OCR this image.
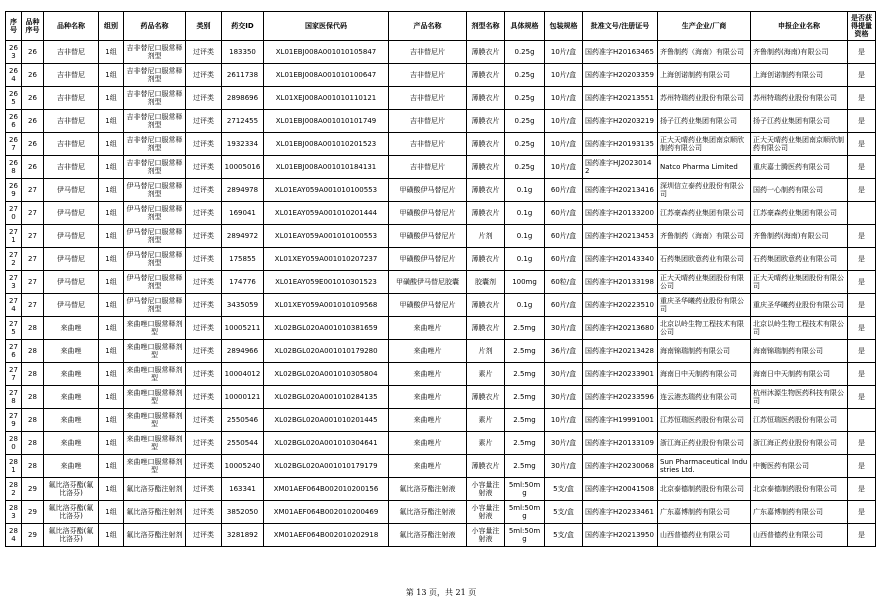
序号	品种序号	品种名称	组别	药品名称	类别	药交ID	国家医保代码	产品名称	剂型名称	具体规格	包装规格	批准文号/注册证号	生产企业/厂商	申报企业名称	是否获得提量资格
263	26	吉非替尼	1组	吉非替尼口服常释剂型	过评类	183350	XL01EBJ008A001010105847	吉非替尼片	薄膜衣片	0.25g	10片/盒	国药准字H20163465	齐鲁制药（海南）有限公司	齐鲁制药(海南)有限公司	是
264	26	吉非替尼	1组	吉非替尼口服常释剂型	过评类	2611738	XL01EBJ008A001010100647	吉非替尼片	薄膜衣片	0.25g	10片/盒	国药准字H20203359	上海创诺制药有限公司	上海创诺制药有限公司	是
265	26	吉非替尼	1组	吉非替尼口服常释剂型	过评类	2898696	XL01XEJ008A001010110121	吉非替尼片	薄膜衣片	0.25g	10片/盒	国药准字H20213551	苏州特瑞药业股份有限公司	苏州特瑞药业股份有限公司	是
266	26	吉非替尼	1组	吉非替尼口服常释剂型	过评类	2712455	XL01EBJ008A001010101749	吉非替尼片	薄膜衣片	0.25g	10片/盒	国药准字H20203219	扬子江药业集团有限公司	扬子江药业集团有限公司	是
267	26	吉非替尼	1组	吉非替尼口服常释剂型	过评类	1932334	XL01EBJ008A001010201523	吉非替尼片	薄膜衣片	0.25g	10片/盒	国药准字H20193135	正大天晴药业集团南京顺欣制药有限公司	正大天晴药业集团南京顺欣制药有限公司	是
268	26	吉非替尼	1组	吉非替尼口服常释剂型	过评类	10005016	XL01EBJ008A001010184131	吉非替尼片	薄膜衣片	0.25g	10片/盒	国药准字HJ20230142	Natco Pharma Limited	重庆嘉士腾医药有限公司	是
269	27	伊马替尼	1组	伊马替尼口服常释剂型	过评类	2894978	XL01EAY059A001010100553	甲磺酸伊马替尼片	薄膜衣片	0.1g	60片/盒	国药准字H20213416	深圳信立泰药业股份有限公司	国药一心制药有限公司	是
270	27	伊马替尼	1组	伊马替尼口服常释剂型	过评类	169041	XL01EAY059A001010201444	甲磺酸伊马替尼片	薄膜衣片	0.1g	60片/盒	国药准字H20133200	江苏豪森药业集团有限公司	江苏豪森药业集团有限公司	
271	27	伊马替尼	1组	伊马替尼口服常释剂型	过评类	2894972	XL01EAY059A001010100553	甲磺酸伊马替尼片	片剂	0.1g	60片/盒	国药准字H20213453	齐鲁制药（海南）有限公司	齐鲁制药(海南)有限公司	是
272	27	伊马替尼	1组	伊马替尼口服常释剂型	过评类	175855	XL01XEY059A001010207237	甲磺酸伊马替尼片	薄膜衣片	0.1g	60片/盒	国药准字H20143340	石药集团欧意药业有限公司	石药集团欧意药业有限公司	是
273	27	伊马替尼	1组	伊马替尼口服常释剂型	过评类	174776	XL01EAY059E001010301523	甲磺酸伊马替尼胶囊	胶囊剂	100mg	60粒/盒	国药准字H20133198	正大天晴药业集团股份有限公司	正大天晴药业集团股份有限公司	是
274	27	伊马替尼	1组	伊马替尼口服常释剂型	过评类	3435059	XL01XEY059A001010109568	甲磺酸伊马替尼片	薄膜衣片	0.1g	60片/盒	国药准字H20223510	重庆圣华曦药业股份有限公司	重庆圣华曦药业股份有限公司	是
275	28	来曲唑	1组	来曲唑口服常释剂型	过评类	10005211	XL02BGL020A001010381659	来曲唑片	薄膜衣片	2.5mg	30片/盒	国药准字H20213680	北京以岭生物工程技术有限公司	北京以岭生物工程技术有限公司	是
276	28	来曲唑	1组	来曲唑口服常释剂型	过评类	2894966	XL02BGL020A001010179280	来曲唑片	片剂	2.5mg	36片/盒	国药准字H20213428	海南锦瑞制药有限公司	海南锦瑞制药有限公司	是
277	28	来曲唑	1组	来曲唑口服常释剂型	过评类	10004012	XL02BGL020A001010305804	来曲唑片	素片	2.5mg	30片/盒	国药准字H20233901	海南日中天制药有限公司	海南日中天制药有限公司	是
278	28	来曲唑	1组	来曲唑口服常释剂型	过评类	10000121	XL02BGL020A001010284135	来曲唑片	薄膜衣片	2.5mg	30片/盒	国药准字H20233596	连云港杰瑞药业有限公司	杭州沐源生物医药科技有限公司	是
279	28	来曲唑	1组	来曲唑口服常释剂型	过评类	2550546	XL02BGL020A001010201445	来曲唑片	素片	2.5mg	10片/盒	国药准字H19991001	江苏恒瑞医药股份有限公司	江苏恒瑞医药股份有限公司	
280	28	来曲唑	1组	来曲唑口服常释剂型	过评类	2550544	XL02BGL020A001010304641	来曲唑片	素片	2.5mg	30片/盒	国药准字H20133109	浙江海正药业股份有限公司	浙江海正药业股份有限公司	是
281	28	来曲唑	1组	来曲唑口服常释剂型	过评类	10005240	XL02BGL020A001010179179	来曲唑片	薄膜衣片	2.5mg	30片/盒	国药准字H20230068	Sun Pharmaceutical Industries Ltd.	中衡医药有限公司	是
282	29	氟比洛芬酯(氟比洛芬)	1组	氟比洛芬酯注射剂	过评类	163341	XM01AEF064B002010200156	氟比洛芬酯注射液	小容量注射液	5ml:50mg	5支/盒	国药准字H20041508	北京泰德制药股份有限公司	北京泰德制药股份有限公司	是
283	29	氟比洛芬酯(氟比洛芬)	1组	氟比洛芬酯注射剂	过评类	3852050	XM01AEF064B002010200469	氟比洛芬酯注射液	小容量注射液	5ml:50mg	5支/盒	国药准字H20233461	广东嘉博制药有限公司	广东嘉博制药有限公司	是
284	29	氟比洛芬酯(氟比洛芬)	1组	氟比洛芬酯注射剂	过评类	3281892	XM01AEF064B002010202918	氟比洛芬酯注射液	小容量注射液	5ml:50mg	5支/盒	国药准字H20213950	山西普德药业有限公司	山西普德药业有限公司	是
第 13 页，共 21 页
